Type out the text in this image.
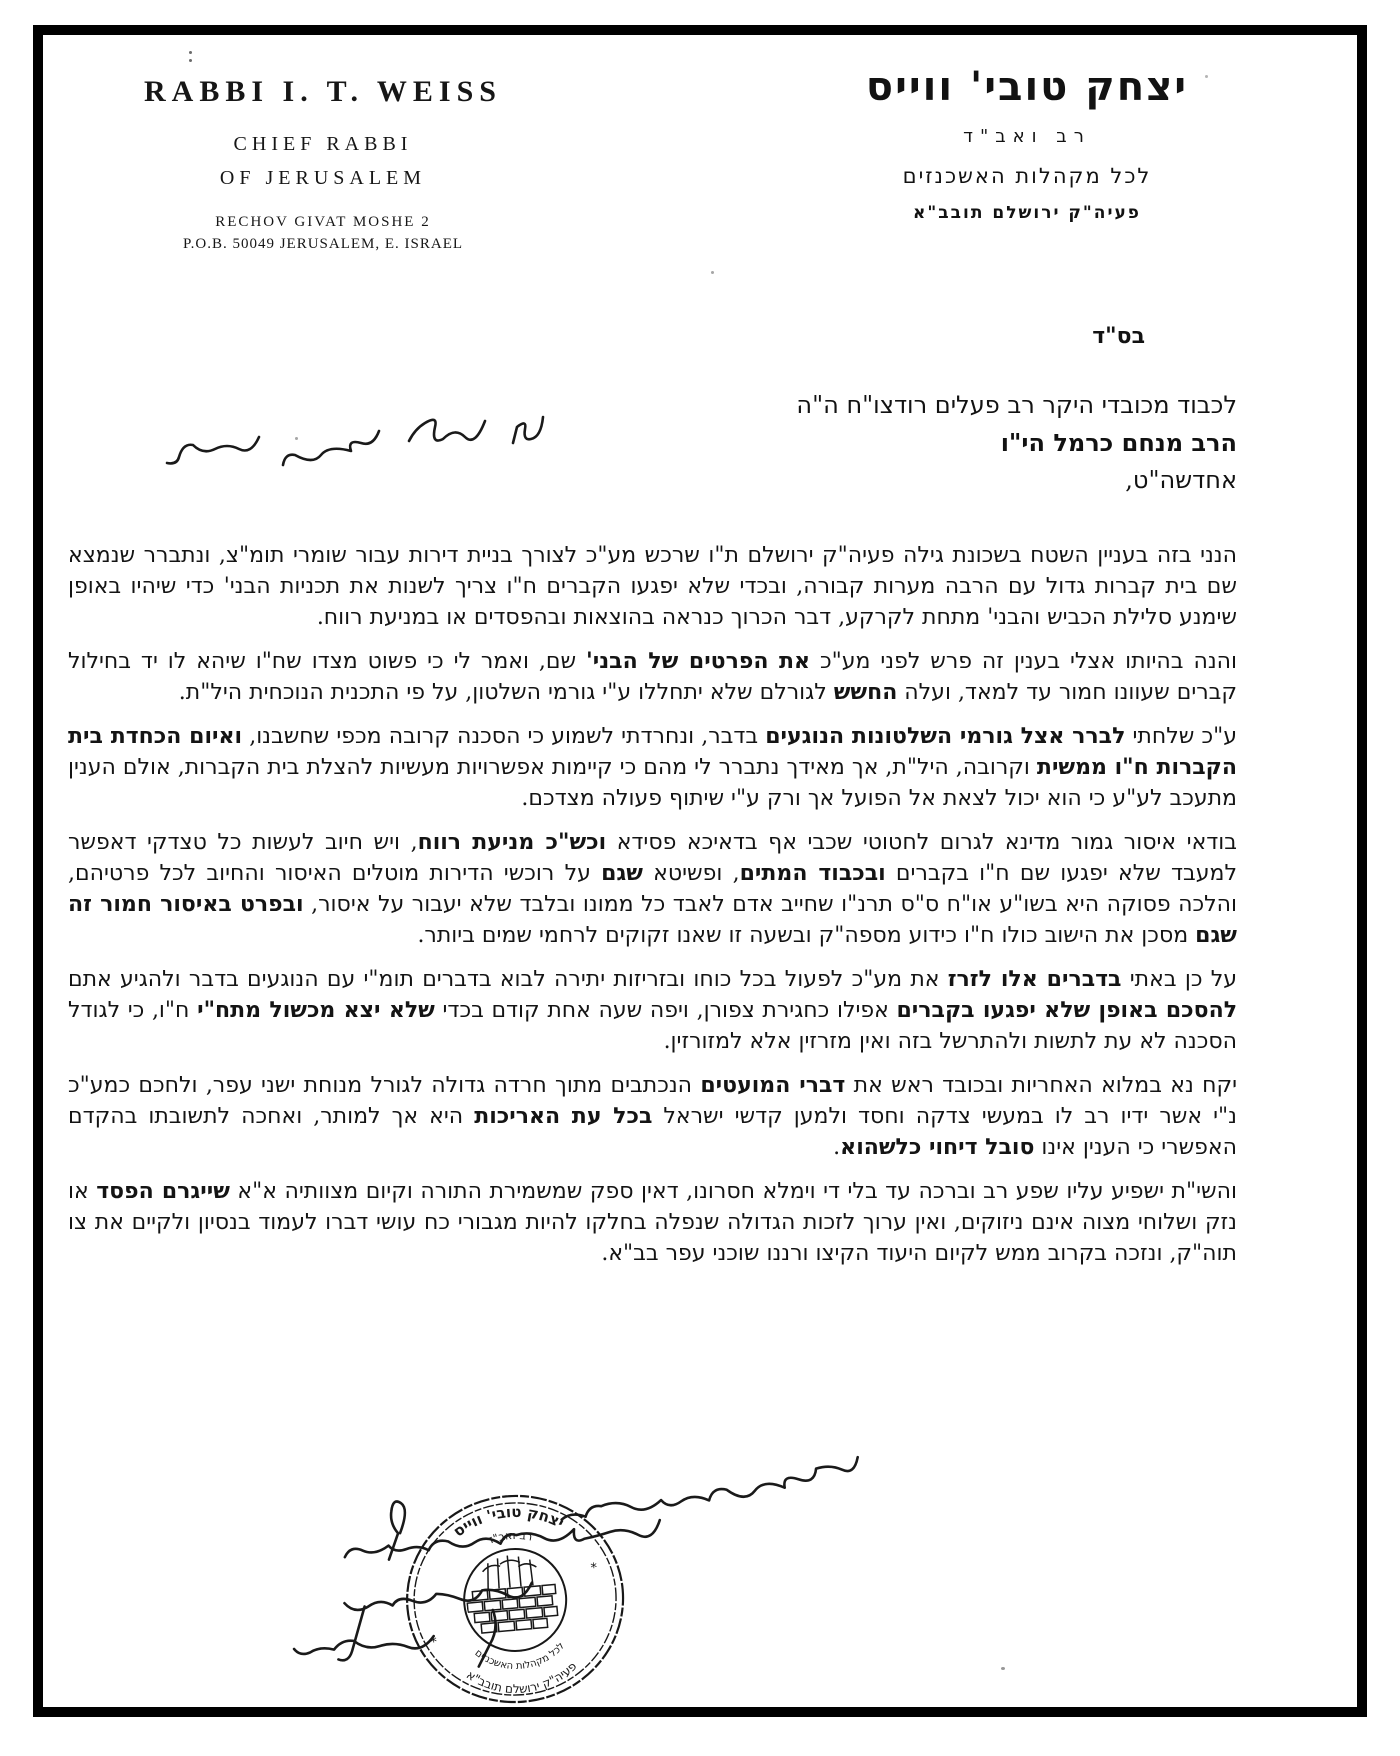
RABBI I. T. WEISS
CHIEF RABBI
OF JERUSALEM
RECHOV GIVAT MOSHE 2
P.O.B. 50049 JERUSALEM, E. ISRAEL
יצחק טובי' ווייס
רב ואב"ד
לכל מקהלות האשכנזים
פעיה"ק ירושלם תובב"א
בס"ד
לכבוד מכובדי היקר רב פעלים רודצו"ח ה"ה
הרב מנחם כרמל הי"ו
אחדשה"ט,

הנני בזה בעניין השטח בשכונת גילה פעיה"ק ירושלם ת"ו שרכש מע"כ לצורך בניית דירות עבור שומרי תומ"צ, ונתברר שנמצא שם בית קברות גדול עם הרבה מערות קבורה, ובכדי שלא יפגעו הקברים ח"ו צריך לשנות את תכניות הבני' כדי שיהיו באופן שימנע סלילת הכביש והבני' מתחת לקרקע, דבר הכרוך כנראה בהוצאות ובהפסדים או במניעת רווח.

והנה בהיותו אצלי בענין זה פרש לפני מע"כ את הפרטים של הבני' שם, ואמר לי כי פשוט מצדו שח"ו שיהא לו יד בחילול קברים שעוונו חמור עד למאד, ועלה החשש לגורלם שלא יתחללו ע"י גורמי השלטון, על פי התכנית הנוכחית היל"ת.

ע"כ שלחתי לברר אצל גורמי השלטונות הנוגעים בדבר, ונחרדתי לשמוע כי הסכנה קרובה מכפי שחשבנו, ואיום הכחדת בית הקברות ח"ו ממשית וקרובה, היל"ת, אך מאידך נתברר לי מהם כי קיימות אפשרויות מעשיות להצלת בית הקברות, אולם הענין מתעכב לע"ע כי הוא יכול לצאת אל הפועל אך ורק ע"י שיתוף פעולה מצדכם.

בודאי איסור גמור מדינא לגרום לחטוטי שכבי אף בדאיכא פסידא וכש"כ מניעת רווח, ויש חיוב לעשות כל טצדקי דאפשר למעבד שלא יפגעו שם ח"ו בקברים ובכבוד המתים, ופשיטא שגם על רוכשי הדירות מוטלים האיסור והחיוב לכל פרטיהם, והלכה פסוקה היא בשו"ע או"ח ס"ס תרנ"ו שחייב אדם לאבד כל ממונו ובלבד שלא יעבור על איסור, ובפרט באיסור חמור זה שגם מסכן את הישוב כולו ח"ו כידוע מספה"ק ובשעה זו שאנו זקוקים לרחמי שמים ביותר.

על כן באתי בדברים אלו לזרז את מע"כ לפעול בכל כוחו ובזריזות יתירה לבוא בדברים תומ"י עם הנוגעים בדבר ולהגיע אתם להסכם באופן שלא יפגעו בקברים אפילו כחגירת צפורן, ויפה שעה אחת קודם בכדי שלא יצא מכשול מתח"י ח"ו, כי לגודל הסכנה לא עת לתשות ולהתרשל בזה ואין מזרזין אלא למזורזין.

יקח נא במלוא האחריות ובכובד ראש את דברי המועטים הנכתבים מתוך חרדה גדולה לגורל מנוחת ישני עפר, ולחכם כמע"כ נ"י אשר ידיו רב לו במעשי צדקה וחסד ולמען קדשי ישראל בכל עת האריכות היא אך למותר, ואחכה לתשובתו בהקדם האפשרי כי הענין אינו סובל דיחוי כלשהוא.

והשי"ת ישפיע עליו שפע רב וברכה עד בלי די וימלא חסרונו, דאין ספק שמשמירת התורה וקיום מצוותיה א"א שייגרם הפסד או נזק ושלוחי מצוה אינם ניזוקים, ואין ערוך לזכות הגדולה שנפלה בחלקו להיות מגבורי כח עושי דברו לעמוד בנסיון ולקיים את צו תוה"ק, ונזכה בקרוב ממש לקיום היעוד הקיצו ורננו שוכני עפר בב"א.

יצחק טובי' ווייס
רב ואב"ד
פעיה"ק ירושלם תובב"א
לכל מקהלות האשכנזים
*
*
